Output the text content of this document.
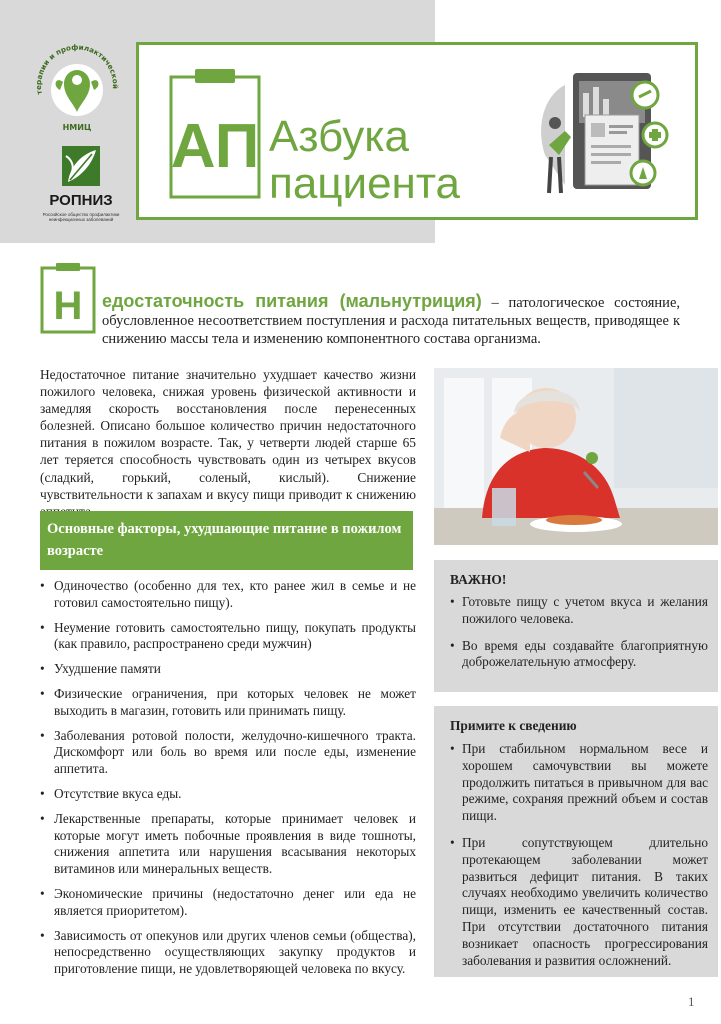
терапии и профилактической
НМИЦ
РОПНИЗ
Российское общество профилактики неинфекционных заболеваний
АП Азбука
пациента
Н едостаточность питания (мальнутриция) – патологическое состояние, обусловленное несоответствием поступления и расхода питательных веществ, приводящее к снижению массы тела и изменению компонентного состава организма.
Недостаточное питание значительно ухудшает качество жизни пожилого человека, снижая уровень физической активности и замедляя скорость восстановления после перенесенных болезней. Описано большое количество причин недостаточного питания в пожилом возрасте. Так, у четверти людей старше 65 лет теряется способность чувствовать один из четырех вкусов (сладкий, горький, соленый, кислый). Снижение чувствительности к запахам и вкусу пищи приводит к снижению
Основные факторы, ухудшающие питание в пожилом возрасте
• Одиночество (особенно для тех, кто ранее жил в семье и не готовил самостоятельно пищу).
• Неумение готовить самостоятельно пищу, покупать продукты (как правило, распространено среди мужчин)
• Ухудшение памяти
• Физические ограничения, при которых человек не может выходить в магазин, готовить или принимать пищу.
• Заболевания ротовой полости, желудочно-кишечного тракта. Дискомфорт или боль во время или после еды, изменение аппетита.
• Отсутствие вкуса еды.
• Лекарственные препараты, которые принимает человек и которые могут иметь побочные проявления в виде тошноты, снижения аппетита или нарушения всасывания некоторых витаминов или минеральных веществ.
• Экономические причины (недостаточно денег или еда не является приоритетом).
• Зависимость от опекунов или других членов семьи (общества), непосредственно осуществляющих закупку продуктов и приготовление пищи, не удовлетворяющей человека по вкусу.
ВАЖНО!
• Готовьте пищу с учетом вкуса и желания пожилого человека.
• Во время еды создавайте благоприятную доброжелательную атмосферу.
Примите к сведению
• При стабильном нормальном весе и хорошем самочувствии вы можете продолжить питаться в привычном для вас режиме, сохраняя прежний объем и состав пищи.
• При сопутствующем длительно протекающем заболевании может развиться дефицит питания. В таких случаях необходимо увеличить количество пищи, изменить ее качественный состав. При отсутствии достаточного питания возникает опасность прогрессирования заболевания и развития осложнений.
1
